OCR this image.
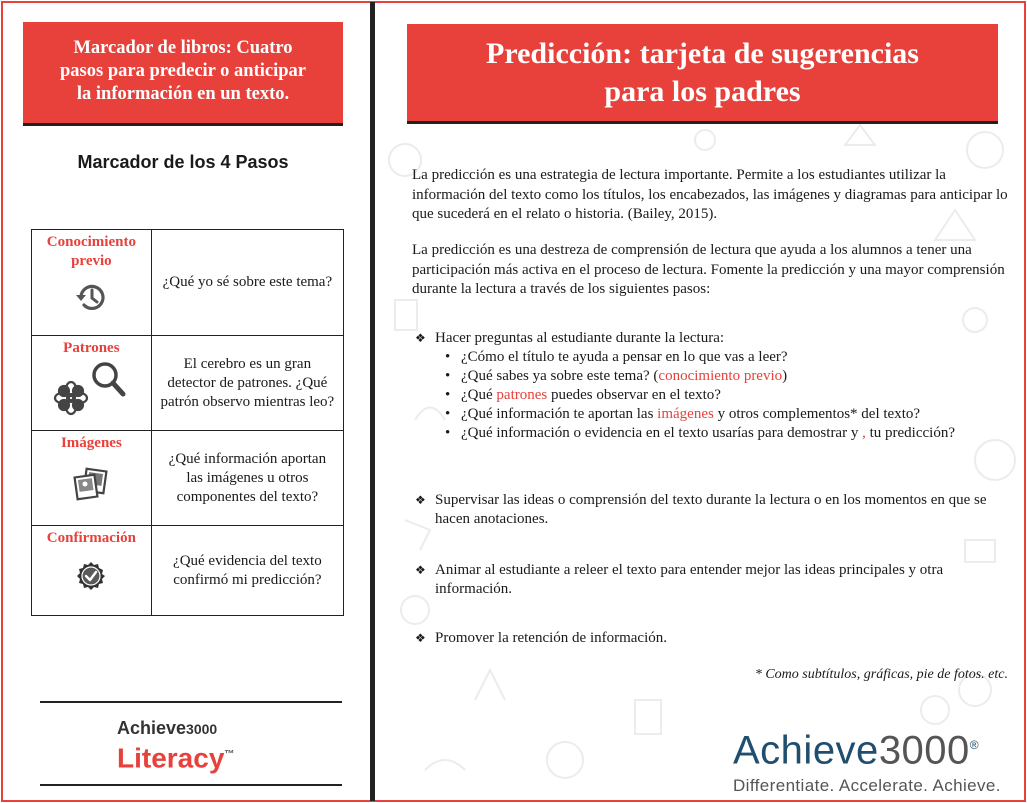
Marcador de libros: Cuatro
pasos para predecir o anticipar
la información en un texto.
Marcador de los 4 Pasos
Conocimiento
previo	¿Qué yo sé sobre este tema?

Patrones	El cerebro es un gran detector de patrones. ¿Qué patrón observo mientras leo?

Imágenes	¿Qué información aportan las imágenes u otros componentes del texto?

Confirmación	¿Qué evidencia del texto confirmó mi predicción?
Achieve3000
Literacy™
Predicción: tarjeta de sugerencias
para los padres

La predicción es una estrategia de lectura importante. Permite a los estudiantes utilizar la información del texto como los títulos, los encabezados, las imágenes y diagramas para anticipar lo que sucederá en el relato o historia. (Bailey, 2015).

La predicción es una destreza de comprensión de lectura que ayuda a los alumnos a tener una participación más activa en el proceso de lectura. Fomente la predicción y una mayor comprensión durante la lectura a través de los siguientes pasos:

❖ Hacer preguntas al estudiante durante la lectura:
• ¿Cómo el título te ayuda a pensar en lo que vas a leer?
• ¿Qué sabes ya sobre este tema? (conocimiento previo)
• ¿Qué patrones puedes observar en el texto?
• ¿Qué información te aportan las imágenes y otros complementos* del texto?
• ¿Qué información o evidencia en el texto usarías para demostrar y , tu predicción?
❖ Supervisar las ideas o comprensión del texto durante la lectura o en los momentos en que se hacen anotaciones.
❖ Animar al estudiante a releer el texto para entender mejor las ideas principales y otra información.
❖ Promover la retención de información.
* Como subtítulos, gráficas, pie de fotos. etc.
Achieve3000®
Differentiate. Accelerate. Achieve.
